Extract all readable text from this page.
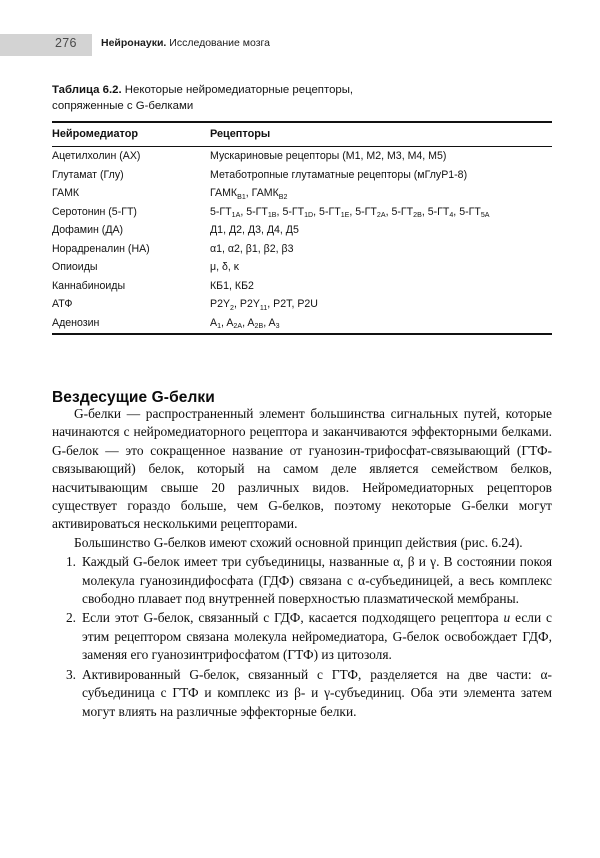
276 Нейронауки. Исследование мозга
Таблица 6.2. Некоторые нейромедиаторные рецепторы,
сопряженные с G-белками
Нейромедиатор	Рецепторы
Ацетилхолин (АХ)	Мускариновые рецепторы (М1, М2, М3, М4, М5)
Глутамат (Глу)	Метаботропные глутаматные рецепторы (мГлуР1-8)
ГАМК	$ГАМК_{В1}$, $ГАМК_{В2}$
Серотонин (5-ГТ)	$5-ГТ_{1А}$, $5-ГТ_{1В}$, $5-ГТ_{1D}$, $5-ГТ_{1Е}$, $5-ГТ_{2А}$, $5-ГТ_{2В}$, $5-ГТ_4$, $5-ГТ_{5А}$
Дофамин (ДА)	Д1, Д2, Д3, Д4, Д5
Норадреналин (НА)	α1, α2, β1, β2, β3
Опиоиды	μ, δ, κ
Каннабиноиды	КБ1, КБ2
АТФ	$P2Y_2$, $P2Y_{11}$, P2T, P2U
Аденозин	$A_1$, $A_{2A}$, $A_{2B}$, $A_3$
Вездесущие G-белки

G-белки — распространенный элемент большинства сигнальных путей, которые начинаются с нейромедиаторного рецептора и заканчиваются эффекторными белками. G-белок — это сокращенное название от гуанозин-трифосфат-связывающий (ГТФ-связывающий) белок, который на самом деле является семейством белков, насчитывающим свыше 20 различных видов. Нейромедиаторных рецепторов существует гораздо больше, чем G-белков, поэтому некоторые G-белки могут активироваться несколькими рецепторами.

Большинство G-белков имеют схожий основной принцип действия (рис. 6.24).

1. Каждый G-белок имеет три субъединицы, названные α, β и γ. В состоянии покоя молекула гуанозиндифосфата (ГДФ) связана с α-субъединицей, а весь комплекс свободно плавает под внутренней поверхностью плазматической мембраны.
2. Если этот G-белок, связанный с ГДФ, касается подходящего рецептора и если с этим рецептором связана молекула нейромедиатора, G-белок освобождает ГДФ, заменяя его гуанозинтрифосфатом (ГТФ) из цитозоля.
3. Активированный G-белок, связанный с ГТФ, разделяется на две части: α-субъединица с ГТФ и комплекс из β- и γ-субъединиц. Оба эти элемента затем могут влиять на различные эффекторные белки.
